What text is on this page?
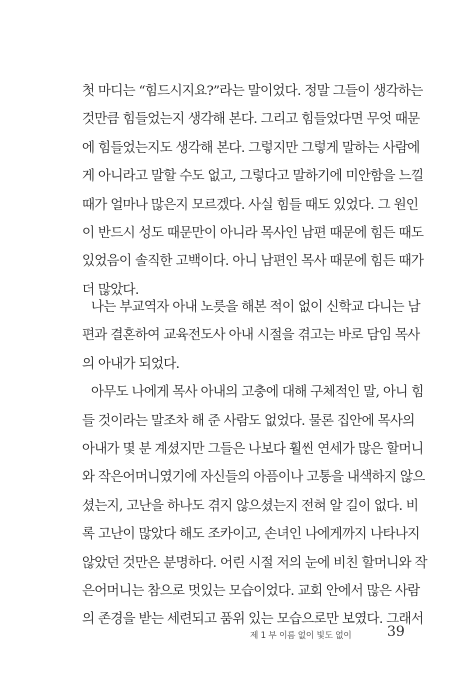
첫 마디는 “힘드시지요?”라는 말이었다. 정말 그들이 생각하는
것만큼 힘들었는지 생각해 본다. 그리고 힘들었다면 무엇 때문
에 힘들었는지도 생각해 본다. 그렇지만 그렇게 말하는 사람에
게 아니라고 말할 수도 없고, 그렇다고 말하기에 미안함을 느낄
때가 얼마나 많은지 모르겠다. 사실 힘들 때도 있었다. 그 원인
이 반드시 성도 때문만이 아니라 목사인 남편 때문에 힘든 때도
있었음이 솔직한 고백이다. 아니 남편인 목사 때문에 힘든 때가
더 많았다.
나는 부교역자 아내 노릇을 해본 적이 없이 신학교 다니는 남
편과 결혼하여 교육전도사 아내 시절을 겪고는 바로 담임 목사
의 아내가 되었다.
아무도 나에게 목사 아내의 고충에 대해 구체적인 말, 아니 힘
들 것이라는 말조차 해 준 사람도 없었다. 물론 집안에 목사의
아내가 몇 분 계셨지만 그들은 나보다 훨씬 연세가 많은 할머니
와 작은어머니였기에 자신들의 아픔이나 고통을 내색하지 않으
셨는지, 고난을 하나도 겪지 않으셨는지 전혀 알 길이 없다. 비
록 고난이 많았다 해도 조카이고, 손녀인 나에게까지 나타나지
않았던 것만은 분명하다. 어린 시절 저의 눈에 비친 할머니와 작
은어머니는 참으로 멋있는 모습이었다. 교회 안에서 많은 사람
의 존경을 받는 세련되고 품위 있는 모습으로만 보였다. 그래서
제 1 부 이름 없이 빛도 없이	39
